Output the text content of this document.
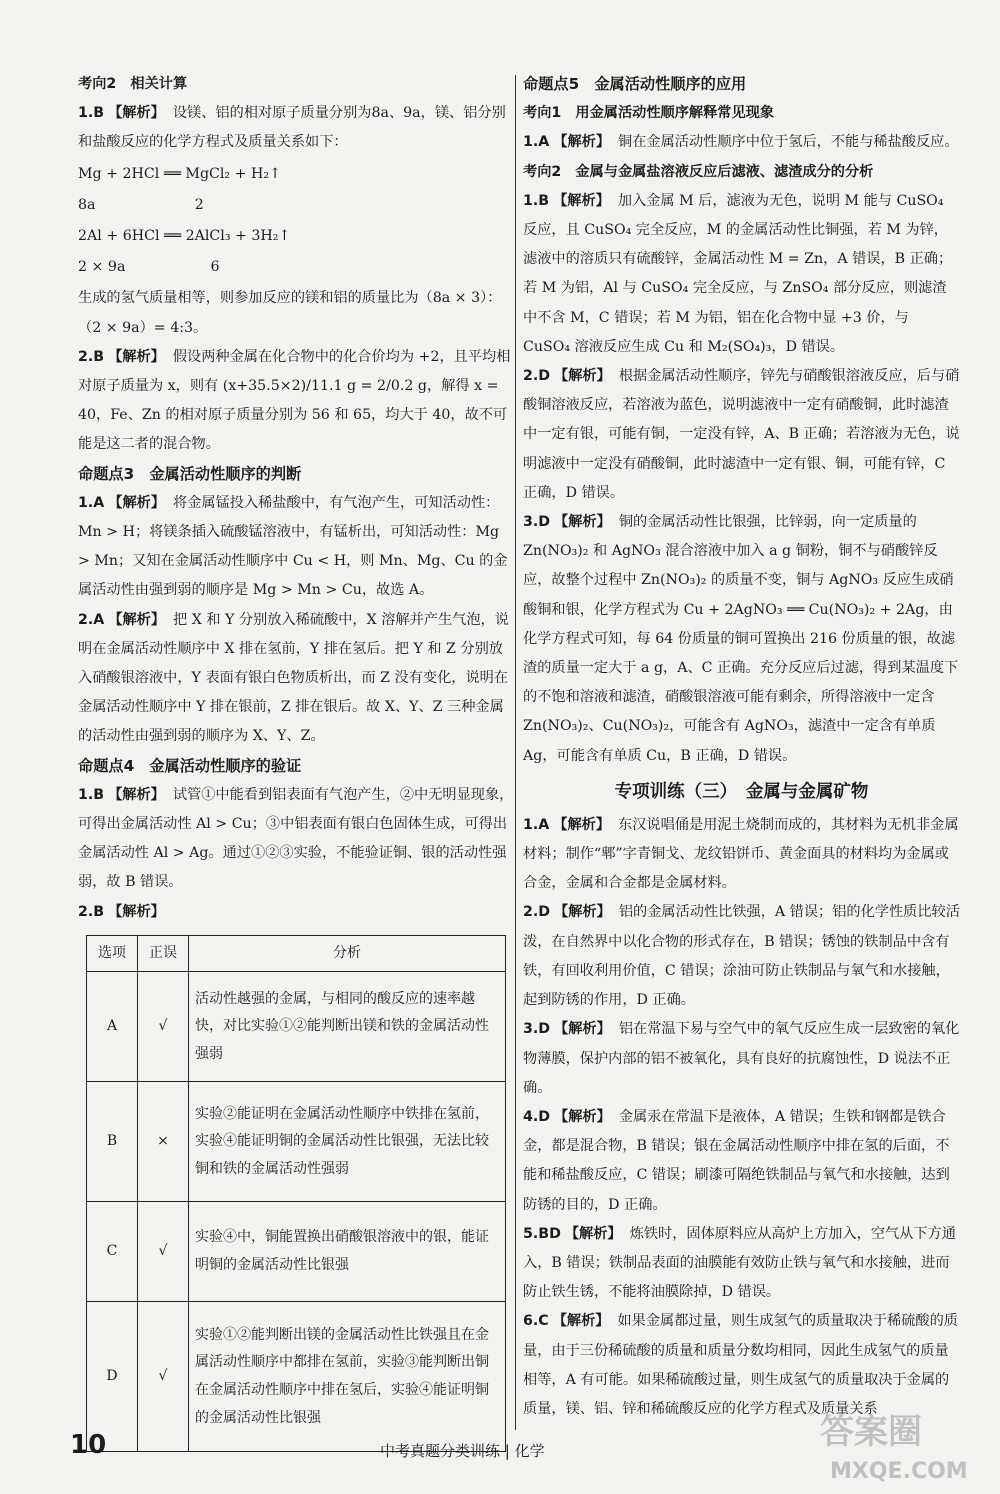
考向2　相关计算
1.B 【解析】 设镁、铝的相对原子质量分别为8a、9a，镁、铝分别和盐酸反应的化学方程式及质量关系如下：
Mg + 2HCl ══ MgCl₂ + H₂↑
8a　　　　　　　2
2Al + 6HCl ══ 2AlCl₃ + 3H₂↑
2 × 9a　　　　　　6
生成的氢气质量相等，则参加反应的镁和铝的质量比为（8a × 3）：（2 × 9a）= 4:3。
2.B 【解析】 假设两种金属在化合物中的化合价均为 +2，且平均相对原子质量为 x，则有 (x+35.5×2)/11.1 g = 2/0.2 g，解得 x = 40，Fe、Zn 的相对原子质量分别为 56 和 65，均大于 40，故不可能是这二者的混合物。
命题点3　金属活动性顺序的判断
1.A 【解析】 将金属锰投入稀盐酸中，有气泡产生，可知活动性：Mn > H；将镁条插入硫酸锰溶液中，有锰析出，可知活动性：Mg > Mn；又知在金属活动性顺序中 Cu < H，则 Mn、Mg、Cu 的金属活动性由强到弱的顺序是 Mg > Mn > Cu，故选 A。
2.A 【解析】 把 X 和 Y 分别放入稀硫酸中，X 溶解并产生气泡，说明在金属活动性顺序中 X 排在氢前，Y 排在氢后。把 Y 和 Z 分别放入硝酸银溶液中，Y 表面有银白色物质析出，而 Z 没有变化，说明在金属活动性顺序中 Y 排在银前，Z 排在银后。故 X、Y、Z 三种金属的活动性由强到弱的顺序为 X、Y、Z。
命题点4　金属活动性顺序的验证
1.B 【解析】 试管①中能看到铝表面有气泡产生，②中无明显现象，可得出金属活动性 Al > Cu；③中铝表面有银白色固体生成，可得出金属活动性 Al > Ag。通过①②③实验，不能验证铜、银的活动性强弱，故 B 错误。
2.B 【解析】
选项	正误	分析
A	√	活动性越强的金属，与相同的酸反应的速率越快，对比实验①②能判断出镁和铁的金属活动性强弱
B	×	实验②能证明在金属活动性顺序中铁排在氢前，实验④能证明铜的金属活动性比银强，无法比较铜和铁的金属活动性强弱
C	√	实验④中，铜能置换出硝酸银溶液中的银，能证明铜的金属活动性比银强
D	√	实验①②能判断出镁的金属活动性比铁强且在金属活动性顺序中都排在氢前，实验③能判断出铜在金属活动性顺序中排在氢后，实验④能证明铜的金属活动性比银强
命题点5　金属活动性顺序的应用
考向1　用金属活动性顺序解释常见现象
1.A 【解析】 铜在金属活动性顺序中位于氢后，不能与稀盐酸反应。
考向2　金属与金属盐溶液反应后滤液、滤渣成分的分析
1.B 【解析】 加入金属 M 后，滤液为无色，说明 M 能与 CuSO₄ 反应，且 CuSO₄ 完全反应，M 的金属活动性比铜强，若 M 为锌，滤液中的溶质只有硫酸锌，金属活动性 M = Zn，A 错误，B 正确；若 M 为铝，Al 与 CuSO₄ 完全反应，与 ZnSO₄ 部分反应，则滤渣中不含 M，C 错误；若 M 为铝，铝在化合物中显 +3 价，与 CuSO₄ 溶液反应生成 Cu 和 M₂(SO₄)₃，D 错误。
2.D 【解析】 根据金属活动性顺序，锌先与硝酸银溶液反应，后与硝酸铜溶液反应，若溶液为蓝色，说明滤液中一定有硝酸铜，此时滤渣中一定有银，可能有铜，一定没有锌，A、B 正确；若溶液为无色，说明滤液中一定没有硝酸铜，此时滤渣中一定有银、铜，可能有锌，C 正确，D 错误。
3.D 【解析】 铜的金属活动性比银强，比锌弱，向一定质量的 Zn(NO₃)₂ 和 AgNO₃ 混合溶液中加入 a g 铜粉，铜不与硝酸锌反应，故整个过程中 Zn(NO₃)₂ 的质量不变，铜与 AgNO₃ 反应生成硝酸铜和银，化学方程式为 Cu + 2AgNO₃ ══ Cu(NO₃)₂ + 2Ag，由化学方程式可知，每 64 份质量的铜可置换出 216 份质量的银，故滤渣的质量一定大于 a g，A、C 正确。充分反应后过滤，得到某温度下的不饱和溶液和滤渣，硝酸银溶液可能有剩余，所得溶液中一定含 Zn(NO₃)₂、Cu(NO₃)₂，可能含有 AgNO₃，滤渣中一定含有单质 Ag，可能含有单质 Cu，B 正确，D 错误。
专项训练（三）　金属与金属矿物
1.A 【解析】 东汉说唱俑是用泥土烧制而成的，其材料为无机非金属材料；制作“郫”字青铜戈、龙纹铅饼币、黄金面具的材料均为金属或合金，金属和合金都是金属材料。
2.D 【解析】 铝的金属活动性比铁强，A 错误；铝的化学性质比较活泼，在自然界中以化合物的形式存在，B 错误；锈蚀的铁制品中含有铁，有回收利用价值，C 错误；涂油可防止铁制品与氧气和水接触，起到防锈的作用，D 正确。
3.D 【解析】 铝在常温下易与空气中的氧气反应生成一层致密的氧化物薄膜，保护内部的铝不被氧化，具有良好的抗腐蚀性，D 说法不正确。
4.D 【解析】 金属汞在常温下是液体，A 错误；生铁和钢都是铁合金，都是混合物，B 错误；银在金属活动性顺序中排在氢的后面，不能和稀盐酸反应，C 错误；刷漆可隔绝铁制品与氧气和水接触，达到防锈的目的，D 正确。
5.BD 【解析】 炼铁时，固体原料应从高炉上方加入，空气从下方通入，B 错误；铁制品表面的油膜能有效防止铁与氧气和水接触，进而防止铁生锈，不能将油膜除掉，D 错误。
6.C 【解析】 如果金属都过量，则生成氢气的质量取决于稀硫酸的质量，由于三份稀硫酸的质量和质量分数均相同，因此生成氢气的质量相等，A 有可能。如果稀硫酸过量，则生成氢气的质量取决于金属的质量，镁、铝、锌和稀硫酸反应的化学方程式及质量关系
10	中考真题分类训练 | 化学	答案圈
MXQE.COM
